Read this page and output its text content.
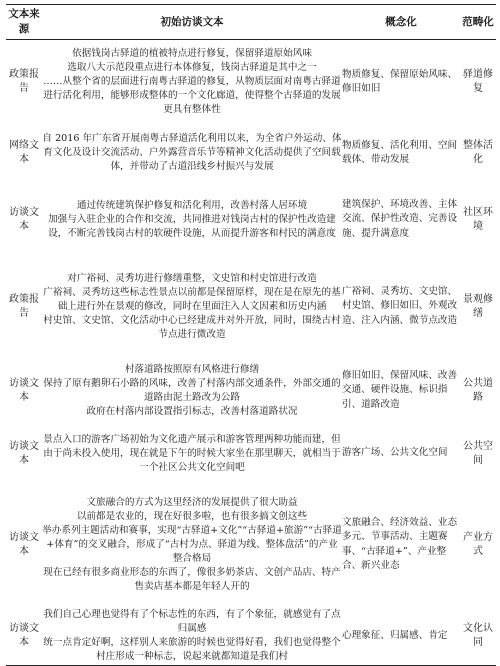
文本来源	初始访谈文本	概念化	范畴化
政策报告	依据钱岗古驿道的植被特点进行修复，保留驿道原始风味
选取八大示范段重点进行本体修复，钱岗古驿道是其中之一
……从整个省的层面进行南粤古驿道的修复，从物质层面对南粤古驿道进行活化利用，能够形成整体的一个文化廊道，使得整个古驿道的发展更具有整体性	物质修复、保留原始风味、修旧如旧	驿道修复
网络文本	自 2016 年广东省开展南粤古驿道活化利用以来，为全省户外运动、体育文化及设计交流活动、户外露营音乐节等精神文化活动提供了空间载体，并带动了古道沿线乡村振兴与发展	物质修复、活化利用、空间载体、带动发展	整体活化
访谈文本	通过传统建筑保护修复和活化利用，改善村落人居环境
加强与入驻企业的合作和交流，共同推进对钱岗古村的保护性改造建设，不断完善钱岗古村的软硬件设施，从而提升游客和村民的满意度	建筑保护、环境改善、主体交流、保护性改造、完善设施、提升满意度	社区环境
政策报告	对广裕祠、灵秀坊进行修缮重整，文史馆和村史馆进行改造
广裕祠、灵秀坊这些标志性景点以前都是保留原样，现在是在原先的基础上进行外在景观的修改，同时在里面注入人文因素和历史内涵
村史馆、文史馆、文化活动中心已经建成并对外开放，同时，围绕古村节点进行微改造	广裕祠、灵秀坊、文史馆、村史馆、修旧如旧、外观改造、注入内涵、微节点改造	景观修缮
访谈文本	村落道路按照原有风格进行修缮
保持了原有鹅卵石小路的风味，改善了村落内部交通条件，外部交通的道路由泥土路改为公路
政府在村落内部设置指引标志，改善村落道路状况	修旧如旧、保留风味、改善交通、硬件设施、标识指引、道路改造	公共道路
访谈文本	景点入口的游客广场初始为文化遗产展示和游客管理两种功能而建，但由于尚未投入使用，现在就是下午的时候大家坐在那里聊天，就相当于一个社区公共文化空间吧	游客广场、公共文化空间	公共空间
访谈文本	文旅融合的方式为这里经济的发展提供了很大助益
以前都是农业的，现在好很多啦，也有很多搞文创这些
举办系列主题活动和赛事，实现“古驿道+文化”“古驿道+旅游”“古驿道+体育”的交叉融合，形成了“古村为点、驿道为线、整体盘活”的产业整合格局
现在已经有很多商业形态的东西了，像很多奶茶店、文创产品店、特产售卖店基本都是年轻人开的	文旅融合、经济效益、业态多元、节事活动、主题赛事、“古驿道+”、产业整合、新兴业态	产业方式
访谈文本	我们自己心理也觉得有了个标志性的东西，有了个象征，就感觉有了点归属感
统一点肯定好啊，这样别人来旅游的时候也觉得好看，我们也觉得整个村庄形成一种标志，说起来就都知道是我们村	心理象征、归属感、肯定	文化认同
